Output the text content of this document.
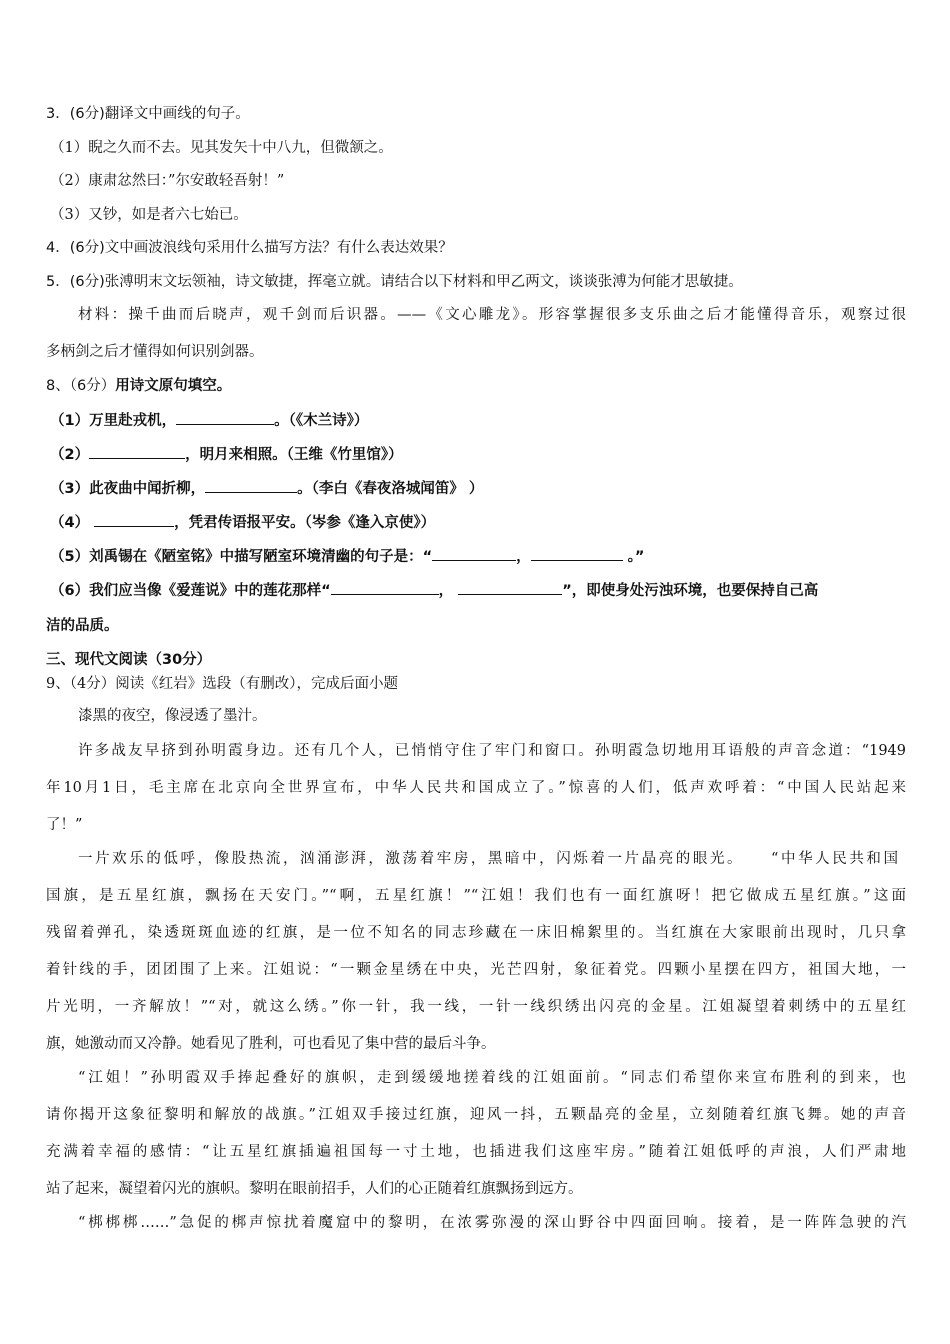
3．(6分)翻译文中画线的句子。
（1）睨之久而不去。见其发矢十中八九，但微颔之。
（2）康肃忿然曰：”尔安敢轻吾射！”
（3）又钞，如是者六七始已。
4．(6分)文中画波浪线句采用什么描写方法？有什么表达效果？
5．(6分)张溥明末文坛领袖，诗文敏捷，挥毫立就。请结合以下材料和甲乙两文，谈谈张溥为何能才思敏捷。
材料：操千曲而后晓声，观千剑而后识器。——《文心雕龙》。形容掌握很多支乐曲之后才能懂得音乐，观察过很
多柄剑之后才懂得如何识别剑器。
8、（6分）用诗文原句填空。
（1）万里赴戎机，	。（《木兰诗》）
（2）	，明月来相照。（王维《竹里馆》）
（3）此夜曲中闻折柳，	。（李白《春夜洛城闻笛》 ）
（4）	，凭君传语报平安。（岑参《逢入京使》）
（5）刘禹锡在《陋室铭》中描写陋室环境清幽的句子是：“	，	。”
（6）我们应当像《爱莲说》中的莲花那样“	，	”，即使身处污浊环境，也要保持自己高
洁的品质。
三、现代文阅读（30分）
9、（4分）阅读《红岩》选段（有删改），完成后面小题
漆黑的夜空，像浸透了墨汁。
许多战友早挤到孙明霞身边。还有几个人，已悄悄守住了牢门和窗口。孙明霞急切地用耳语般的声音念道：“1949
年10月1日，毛主席在北京向全世界宣布，中华人民共和国成立了。”惊喜的人们，低声欢呼着：“中国人民站起来
了！”
一片欢乐的低呼，像股热流，汹涌澎湃，激荡着牢房，黑暗中，闪烁着一片晶亮的眼光。　　“中华人民共和国
国旗，是五星红旗，飘扬在天安门。”“啊，五星红旗！”“江姐！我们也有一面红旗呀！把它做成五星红旗。”这面
残留着弹孔，染透斑斑血迹的红旗，是一位不知名的同志珍藏在一床旧棉絮里的。当红旗在大家眼前出现时，几只拿
着针线的手，团团围了上来。江姐说：“一颗金星绣在中央，光芒四射，象征着党。四颗小星摆在四方，祖国大地，一
片光明，一齐解放！”“对，就这么绣。”你一针，我一线，一针一线织绣出闪亮的金星。江姐凝望着刺绣中的五星红
旗，她激动而又冷静。她看见了胜利，可也看见了集中营的最后斗争。
“江姐！”孙明霞双手捧起叠好的旗帜，走到缓缓地搓着线的江姐面前。“同志们希望你来宣布胜利的到来，也
请你揭开这象征黎明和解放的战旗。”江姐双手接过红旗，迎风一抖，五颗晶亮的金星，立刻随着红旗飞舞。她的声音
充满着幸福的感情：“让五星红旗插遍祖国每一寸土地，也插进我们这座牢房。”随着江姐低呼的声浪，人们严肃地
站了起来，凝望着闪光的旗帜。黎明在眼前招手，人们的心正随着红旗飘扬到远方。
“梆梆梆……”急促的梆声惊扰着魔窟中的黎明，在浓雾弥漫的深山野谷中四面回响。接着，是一阵阵急驶的汽
